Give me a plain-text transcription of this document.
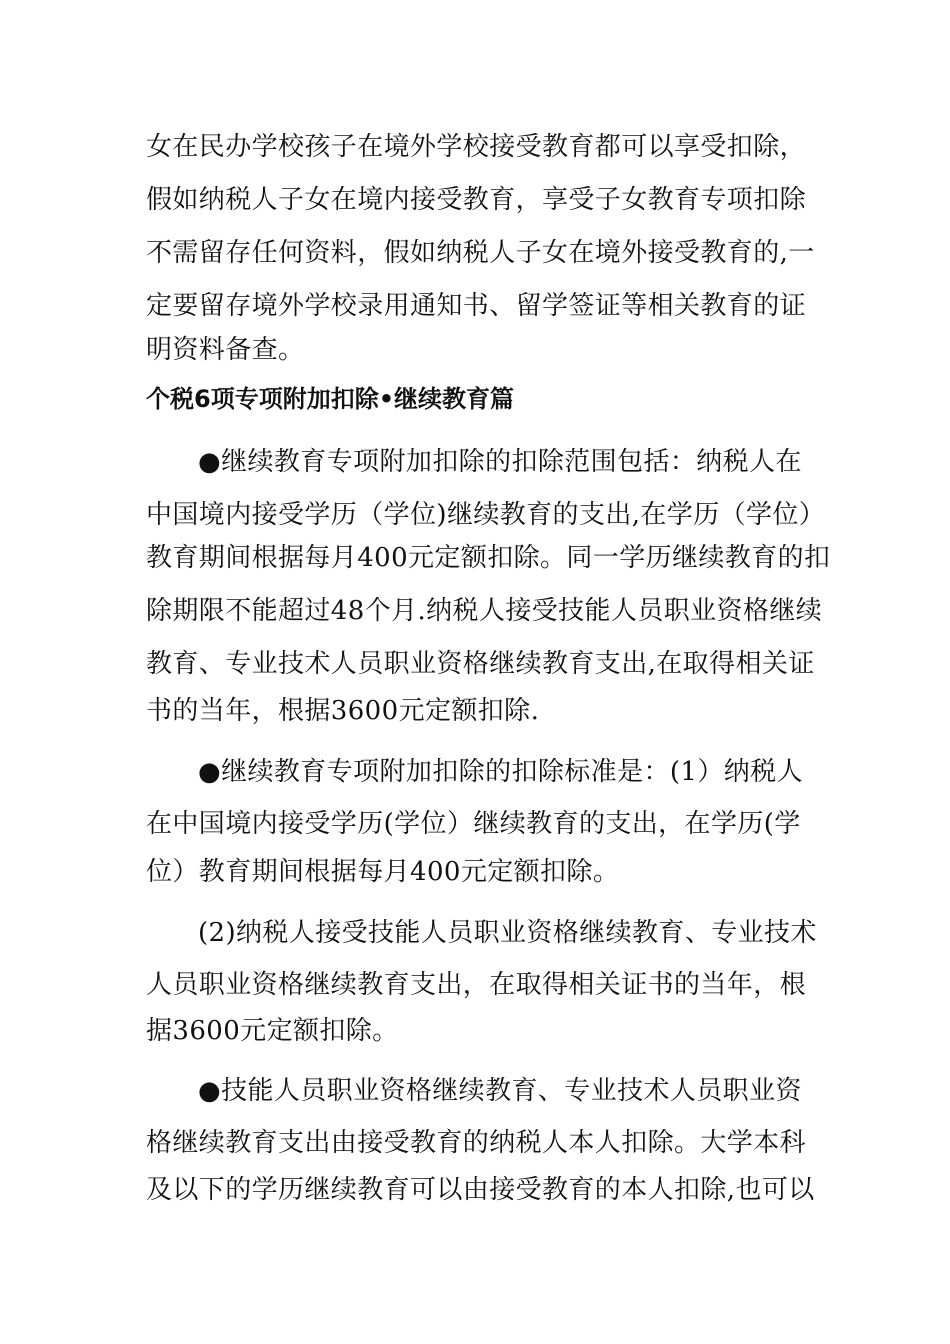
女在民办学校孩子在境外学校接受教育都可以享受扣除，
假如纳税人子女在境内接受教育，享受子女教育专项扣除
不需留存任何资料，假如纳税人子女在境外接受教育的,一
定要留存境外学校录用通知书、留学签证等相关教育的证
明资料备查。
个税6项专项附加扣除•继续教育篇
●继续教育专项附加扣除的扣除范围包括：纳税人在
中国境内接受学历（学位)继续教育的支出,在学历（学位）
教育期间根据每月400元定额扣除。同一学历继续教育的扣
除期限不能超过48个月.纳税人接受技能人员职业资格继续
教育、专业技术人员职业资格继续教育支出,在取得相关证
书的当年，根据3600元定额扣除.
●继续教育专项附加扣除的扣除标准是：(1）纳税人
在中国境内接受学历(学位）继续教育的支出，在学历(学
位）教育期间根据每月400元定额扣除。
(2)纳税人接受技能人员职业资格继续教育、专业技术
人员职业资格继续教育支出，在取得相关证书的当年，根
据3600元定额扣除。
●技能人员职业资格继续教育、专业技术人员职业资
格继续教育支出由接受教育的纳税人本人扣除。大学本科
及以下的学历继续教育可以由接受教育的本人扣除,也可以
